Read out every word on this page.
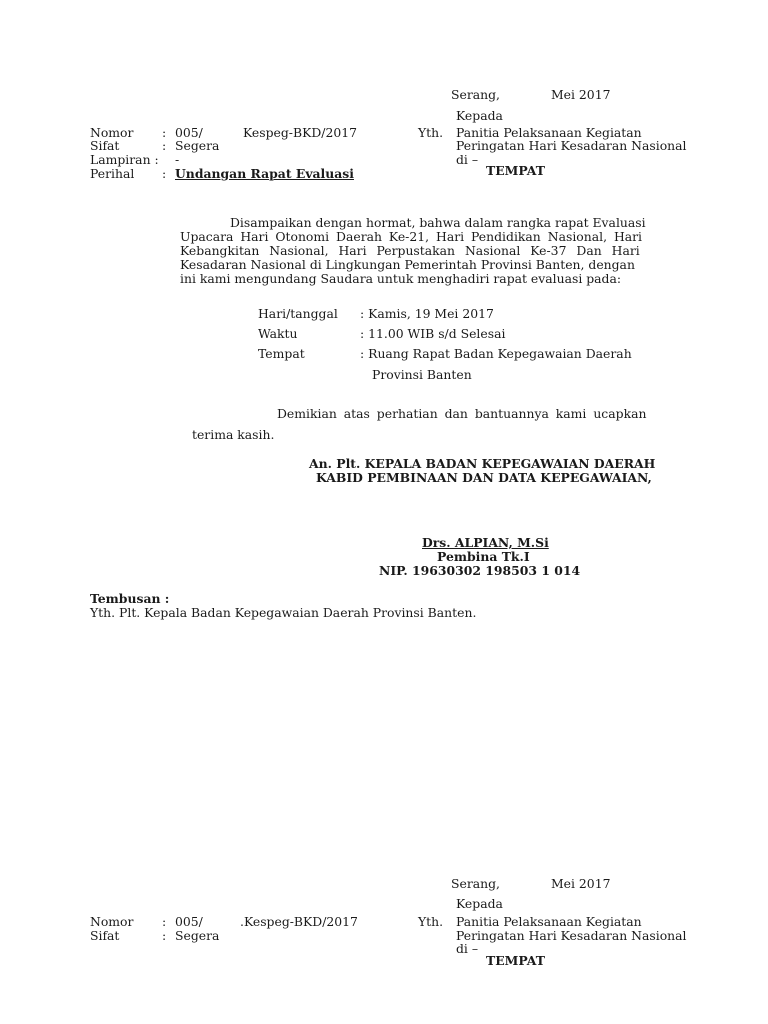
Serang,	Mei 2017
Kepada
Nomor : 005/	Kespeg-BKD/2017
Sifat	: Segera
Lampiran : -
Perihal : Undangan Rapat Evaluasi
Yth. Panitia Pelaksanaan Kegiatan
Peringatan Hari Kesadaran Nasional
di –
TEMPAT
Disampaikan dengan hormat, bahwa dalam rangka rapat Evaluasi
Upacara Hari Otonomi Daerah Ke-21, Hari Pendidikan Nasional, Hari
Kebangkitan Nasional, Hari Perpustakan Nasional Ke-37 Dan Hari
Kesadaran Nasional di Lingkungan Pemerintah Provinsi Banten, dengan
ini kami mengundang Saudara untuk menghadiri rapat evaluasi pada:
Hari/tanggal : Kamis, 19 Mei 2017
Waktu	: 11.00 WIB s/d Selesai
Tempat	: Ruang Rapat Badan Kepegawaian Daerah
Provinsi Banten
Demikian atas perhatian dan bantuannya kami ucapkan
terima kasih.
An. Plt. KEPALA BADAN KEPEGAWAIAN DAERAH
KABID PEMBINAAN DAN DATA KEPEGAWAIAN,
Drs. ALPIAN, M.Si
Pembina Tk.I
NIP. 19630302 198503 1 014
Tembusan :
Yth. Plt. Kepala Badan Kepegawaian Daerah Provinsi Banten.
Serang,	Mei 2017
Kepada
Nomor : 005/	.Kespeg-BKD/2017
Sifat	: Segera
Yth. Panitia Pelaksanaan Kegiatan
Peringatan Hari Kesadaran Nasional
di –
TEMPAT
